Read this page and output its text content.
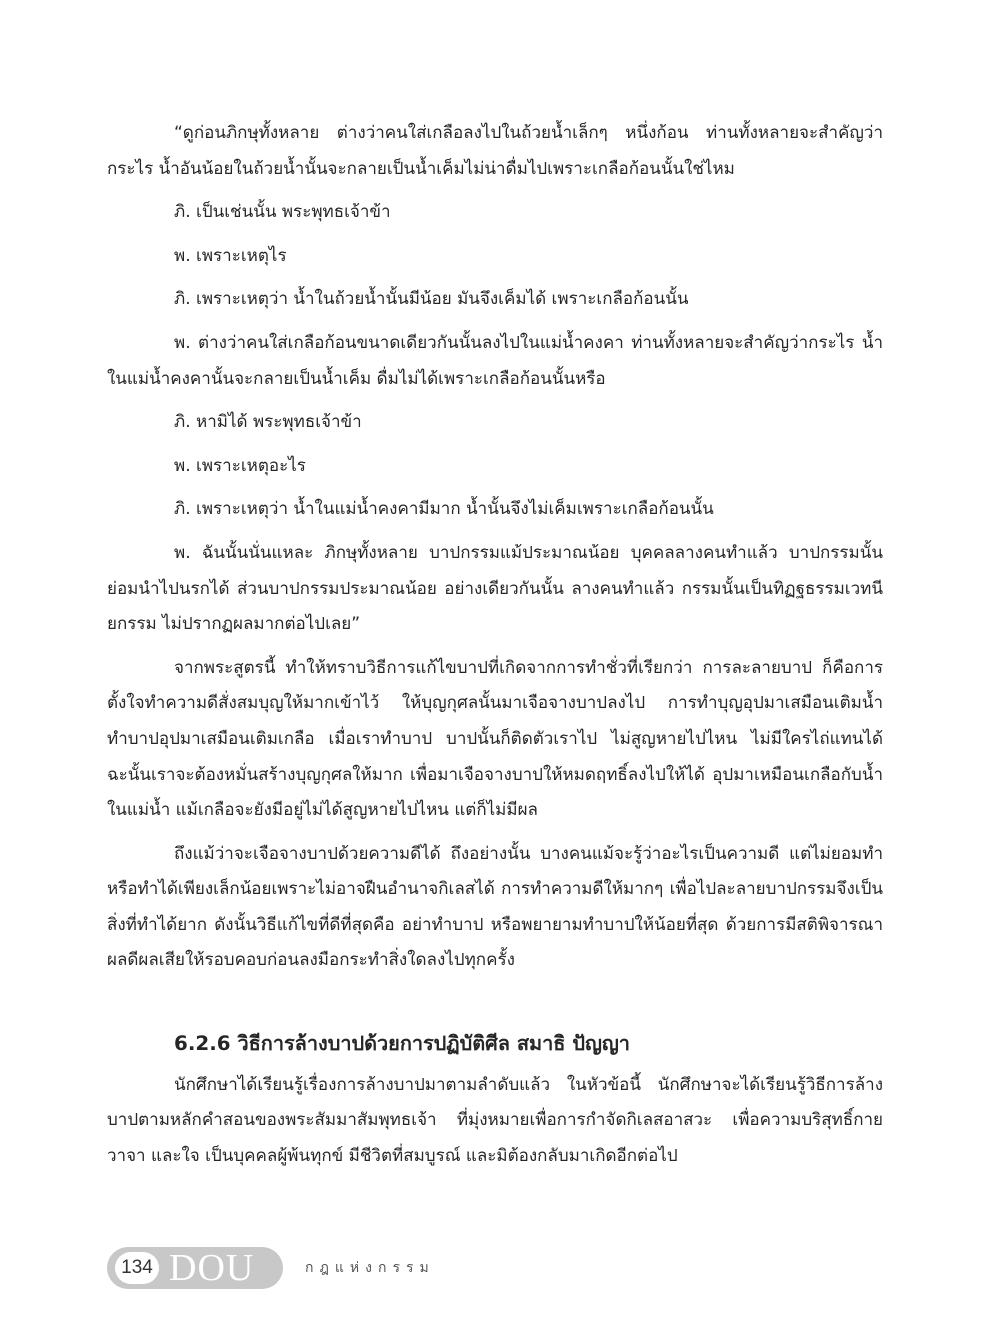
“ดูก่อนภิกษุทั้งหลาย ต่างว่าคนใส่เกลือลงไปในถ้วยน้ำเล็กๆ หนึ่งก้อน ท่านทั้งหลายจะสำคัญว่ากระไร น้ำอันน้อยในถ้วยน้ำนั้นจะกลายเป็นน้ำเค็มไม่น่าดื่มไปเพราะเกลือก้อนนั้นใช่ไหม

ภิ. เป็นเช่นนั้น พระพุทธเจ้าข้า

พ. เพราะเหตุไร

ภิ. เพราะเหตุว่า น้ำในถ้วยน้ำนั้นมีน้อย มันจึงเค็มได้ เพราะเกลือก้อนนั้น

พ. ต่างว่าคนใส่เกลือก้อนขนาดเดียวกันนั้นลงไปในแม่น้ำคงคา ท่านทั้งหลายจะสำคัญว่ากระไร น้ำในแม่น้ำคงคานั้นจะกลายเป็นน้ำเค็ม ดื่มไม่ได้เพราะเกลือก้อนนั้นหรือ

ภิ. หามิได้ พระพุทธเจ้าข้า

พ. เพราะเหตุอะไร

ภิ. เพราะเหตุว่า น้ำในแม่น้ำคงคามีมาก น้ำนั้นจึงไม่เค็มเพราะเกลือก้อนนั้น

พ. ฉันนั้นนั่นแหละ ภิกษุทั้งหลาย บาปกรรมแม้ประมาณน้อย บุคคลลางคนทำแล้ว บาปกรรมนั้นย่อมนำไปนรกได้ ส่วนบาปกรรมประมาณน้อย อย่างเดียวกันนั้น ลางคนทำแล้ว กรรมนั้นเป็นทิฏฐธรรมเวทนียกรรม ไม่ปรากฏผลมากต่อไปเลย”

จากพระสูตรนี้ ทำให้ทราบวิธีการแก้ไขบาปที่เกิดจากการทำชั่วที่เรียกว่า การละลายบาป ก็คือการตั้งใจทำความดีสั่งสมบุญให้มากเข้าไว้ ให้บุญกุศลนั้นมาเจือจางบาปลงไป การทำบุญอุปมาเสมือนเติมน้ำ ทำบาปอุปมาเสมือนเติมเกลือ เมื่อเราทำบาป บาปนั้นก็ติดตัวเราไป ไม่สูญหายไปไหน ไม่มีใครไถ่แทนได้ ฉะนั้นเราจะต้องหมั่นสร้างบุญกุศลให้มาก เพื่อมาเจือจางบาปให้หมดฤทธิ์ลงไปให้ได้ อุปมาเหมือนเกลือกับน้ำในแม่น้ำ แม้เกลือจะยังมีอยู่ไม่ได้สูญหายไปไหน แต่ก็ไม่มีผล

ถึงแม้ว่าจะเจือจางบาปด้วยความดีได้ ถึงอย่างนั้น บางคนแม้จะรู้ว่าอะไรเป็นความดี แต่ไม่ยอมทำหรือทำได้เพียงเล็กน้อยเพราะไม่อาจฝืนอำนาจกิเลสได้ การทำความดีให้มากๆ เพื่อไปละลายบาปกรรมจึงเป็นสิ่งที่ทำได้ยาก ดังนั้นวิธีแก้ไขที่ดีที่สุดคือ อย่าทำบาป หรือพยายามทำบาปให้น้อยที่สุด ด้วยการมีสติพิจารณาผลดีผลเสียให้รอบคอบก่อนลงมือกระทำสิ่งใดลงไปทุกครั้ง

6.2.6 วิธีการล้างบาปด้วยการปฏิบัติศีล สมาธิ ปัญญา

นักศึกษาได้เรียนรู้เรื่องการล้างบาปมาตามลำดับแล้ว ในหัวข้อนี้ นักศึกษาจะได้เรียนรู้วิธีการล้างบาปตามหลักคำสอนของพระสัมมาสัมพุทธเจ้า ที่มุ่งหมายเพื่อการกำจัดกิเลสอาสวะ เพื่อความบริสุทธิ์กาย วาจา และใจ เป็นบุคคลผู้พ้นทุกข์ มีชีวิตที่สมบูรณ์ และมิต้องกลับมาเกิดอีกต่อไป

134 DOU	กฎแห่งกรรม
